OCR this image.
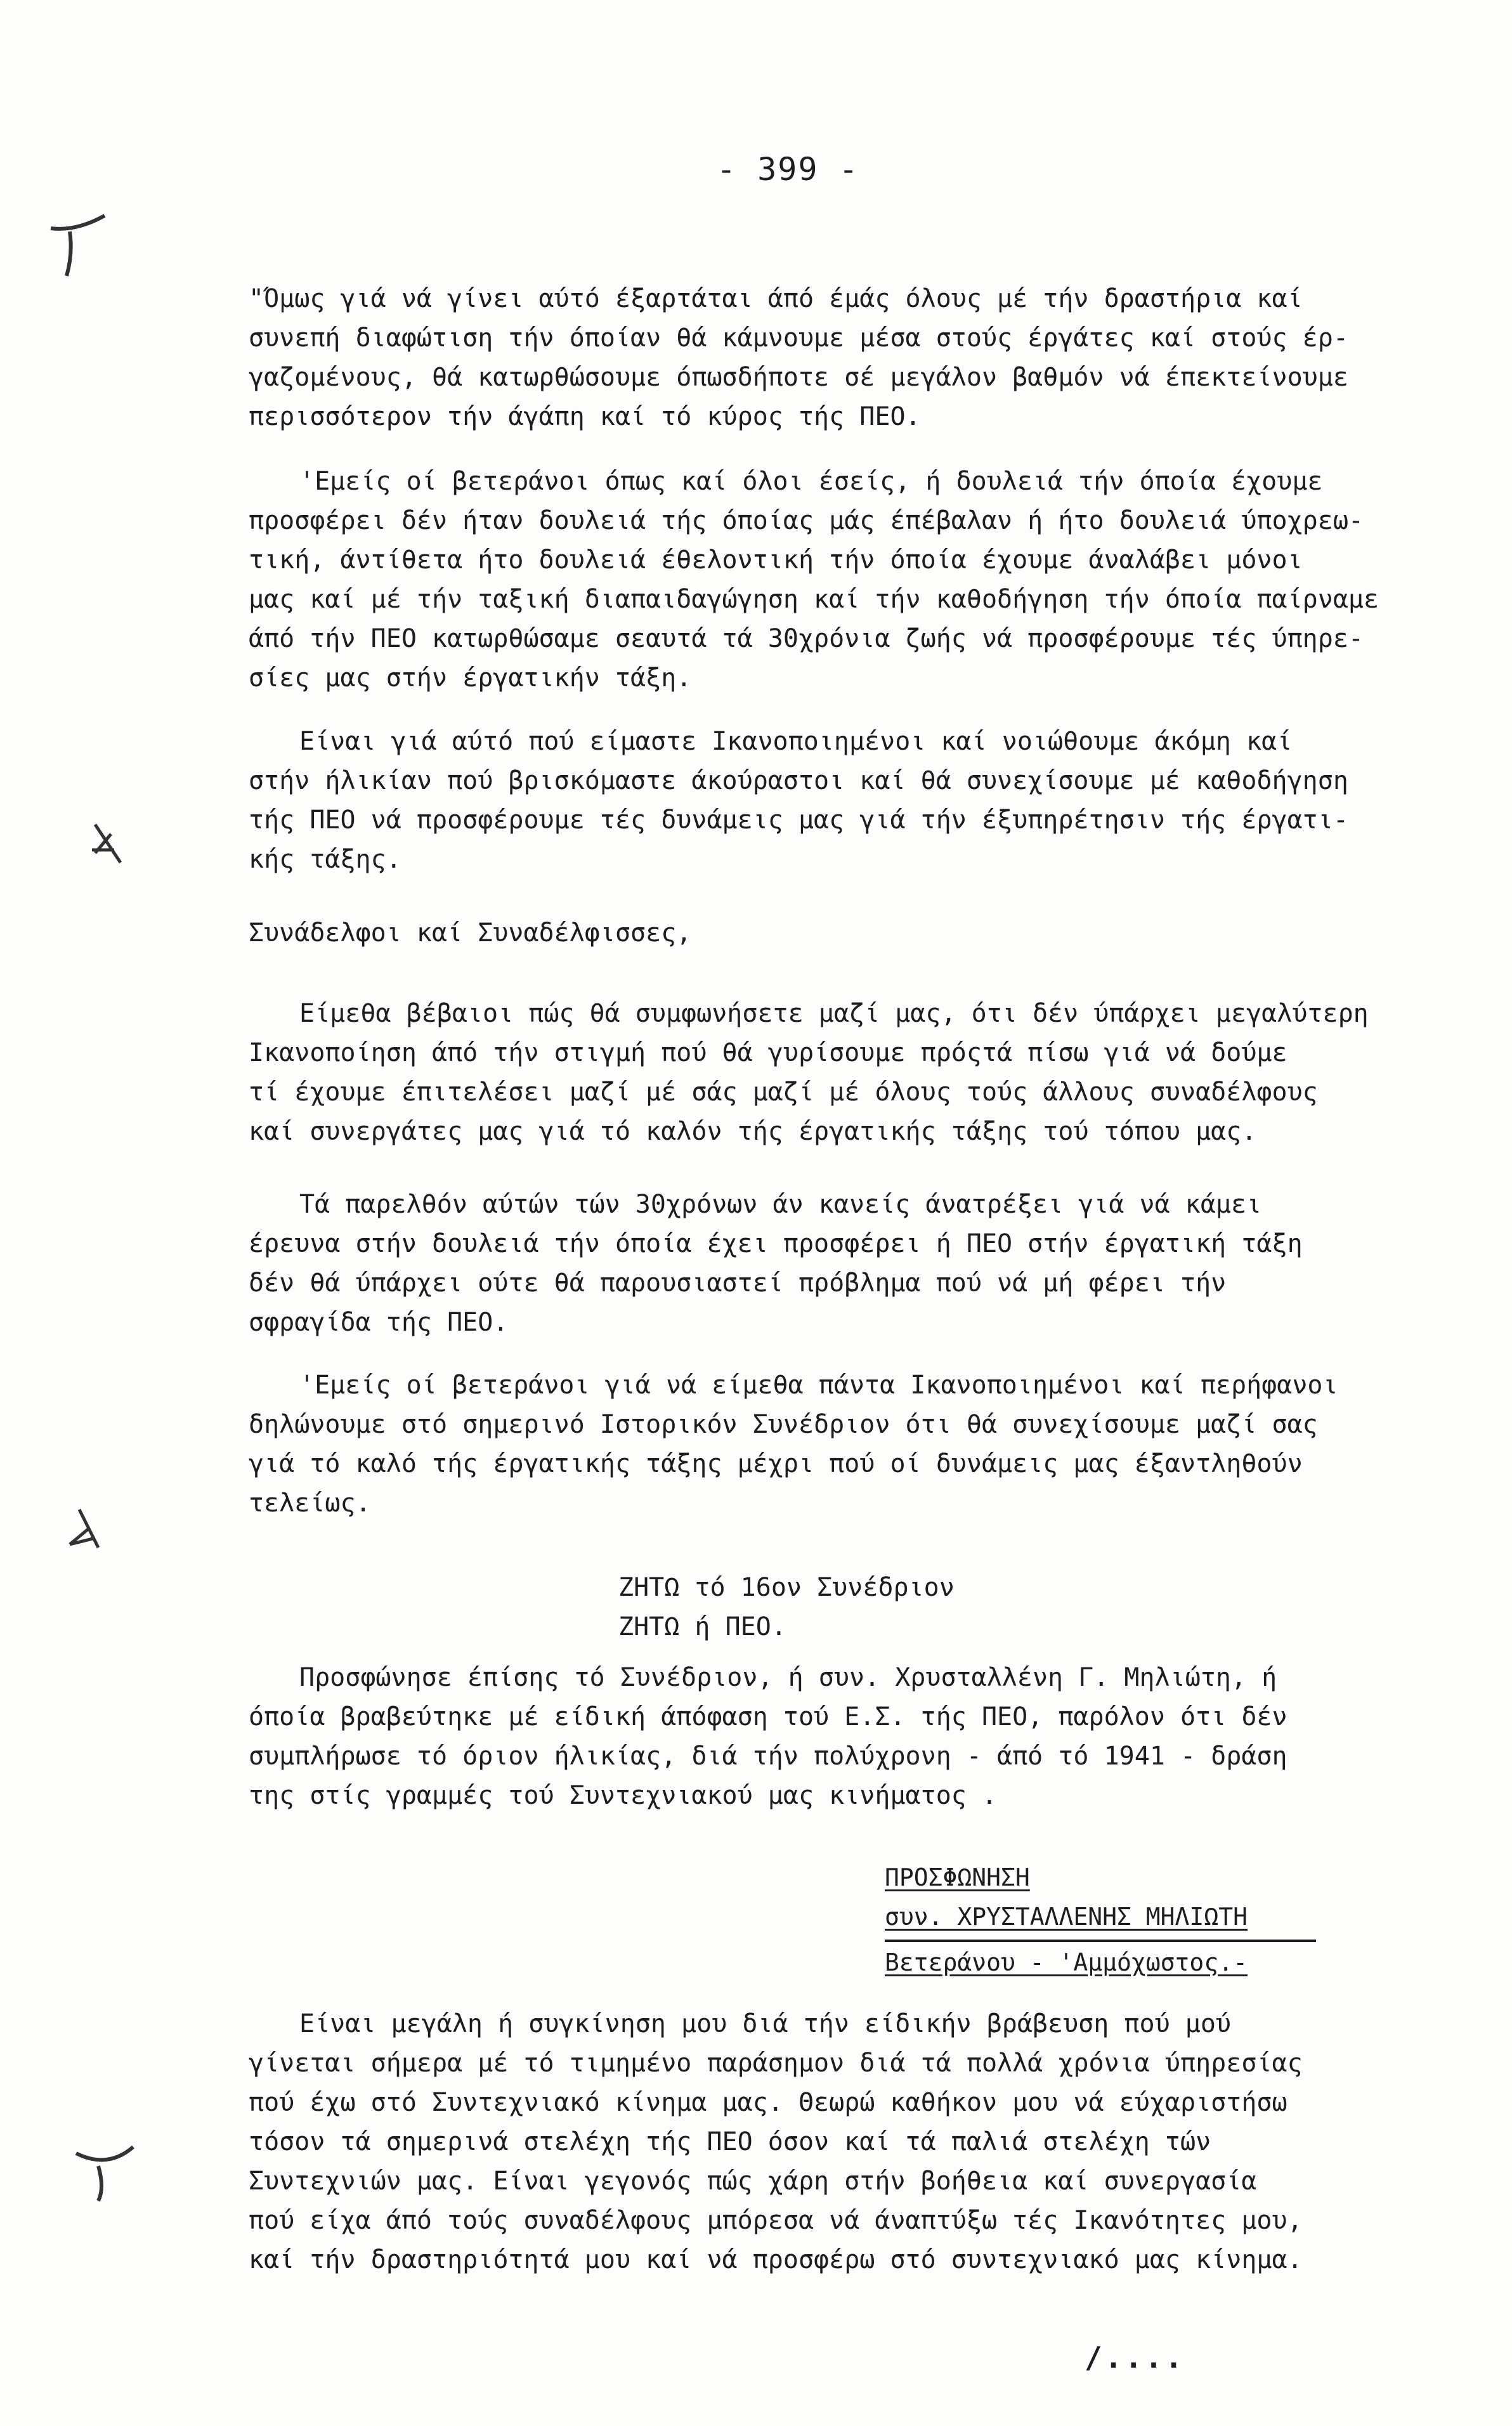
- 399 -
"Όμως γιά νά γίνει αύτό έξαρτάται άπό έμάς όλους μέ τήν δραστήρια καί
συνεπή διαφώτιση τήν όποίαν θά κάμνουμε μέσα στούς έργάτες καί στούς έρ-
γαζομένους, θά κατωρθώσουμε όπωσδήποτε σέ μεγάλον βαθμόν νά έπεκτείνουμε
περισσότερον τήν άγάπη καί τό κύρος τής ΠΕΟ.
'Εμείς οί βετεράνοι όπως καί όλοι έσείς, ή δουλειά τήν όποία έχουμε
προσφέρει δέν ήταν δουλειά τής όποίας μάς έπέβαλαν ή ήτο δουλειά ύποχρεω-
τική, άντίθετα ήτο δουλειά έθελοντική τήν όποία έχουμε άναλάβει μόνοι
μας καί μέ τήν ταξική διαπαιδαγώγηση καί τήν καθοδήγηση τήν όποία παίρναμε
άπό τήν ΠΕΟ κατωρθώσαμε σεαυτά τά 30χρόνια ζωής νά προσφέρουμε τές ύπηρε-
σίες μας στήν έργατικήν τάξη.
Είναι γιά αύτό πού είμαστε Ικανοποιημένοι καί νοιώθουμε άκόμη καί
στήν ήλικίαν πού βρισκόμαστε άκούραστοι καί θά συνεχίσουμε μέ καθοδήγηση
τής ΠΕΟ νά προσφέρουμε τές δυνάμεις μας γιά τήν έξυπηρέτησιν τής έργατι-
κής τάξης.
Συνάδελφοι καί Συναδέλφισσες,
Είμεθα βέβαιοι πώς θά συμφωνήσετε μαζί μας, ότι δέν ύπάρχει μεγαλύτερη
Ικανοποίηση άπό τήν στιγμή πού θά γυρίσουμε πρόςτά πίσω γιά νά δούμε
τί έχουμε έπιτελέσει μαζί μέ σάς μαζί μέ όλους τούς άλλους συναδέλφους
καί συνεργάτες μας γιά τό καλόν τής έργατικής τάξης τού τόπου μας.
Τά παρελθόν αύτών τών 30χρόνων άν κανείς άνατρέξει γιά νά κάμει
έρευνα στήν δουλειά τήν όποία έχει προσφέρει ή ΠΕΟ στήν έργατική τάξη
δέν θά ύπάρχει ούτε θά παρουσιαστεί πρόβλημα πού νά μή φέρει τήν
σφραγίδα τής ΠΕΟ.
'Εμείς οί βετεράνοι γιά νά είμεθα πάντα Ικανοποιημένοι καί περήφανοι
δηλώνουμε στό σημερινό Ιστορικόν Συνέδριον ότι θά συνεχίσουμε μαζί σας
γιά τό καλό τής έργατικής τάξης μέχρι πού οί δυνάμεις μας έξαντληθούν
τελείως.
ΖΗΤΩ τό 16ον Συνέδριον
ΖΗΤΩ ή ΠΕΟ.
Προσφώνησε έπίσης τό Συνέδριον, ή συν. Χρυσταλλένη Γ. Μηλιώτη, ή
όποία βραβεύτηκε μέ είδική άπόφαση τού Ε.Σ. τής ΠΕΟ, παρόλον ότι δέν
συμπλήρωσε τό όριον ήλικίας, διά τήν πολύχρονη - άπό τό 1941 - δράση
της στίς γραμμές τού Συντεχνιακού μας κινήματος .
ΠΡΟΣΦΩΝΗΣΗ
συν. ΧΡΥΣΤΑΛΛΕΝΗΣ ΜΗΛΙΩΤΗ
Βετεράνου - 'Αμμόχωστος.-
Είναι μεγάλη ή συγκίνηση μου διά τήν είδικήν βράβευση πού μού
γίνεται σήμερα μέ τό τιμημένο παράσημον διά τά πολλά χρόνια ύπηρεσίας
πού έχω στό Συντεχνιακό κίνημα μας. Θεωρώ καθήκον μου νά εύχαριστήσω
τόσον τά σημερινά στελέχη τής ΠΕΟ όσον καί τά παλιά στελέχη τών
Συντεχνιών μας. Είναι γεγονός πώς χάρη στήν βοήθεια καί συνεργασία
πού είχα άπό τούς συναδέλφους μπόρεσα νά άναπτύξω τές Ικανότητες μου,
καί τήν δραστηριότητά μου καί νά προσφέρω στό συντεχνιακό μας κίνημα.
/....
